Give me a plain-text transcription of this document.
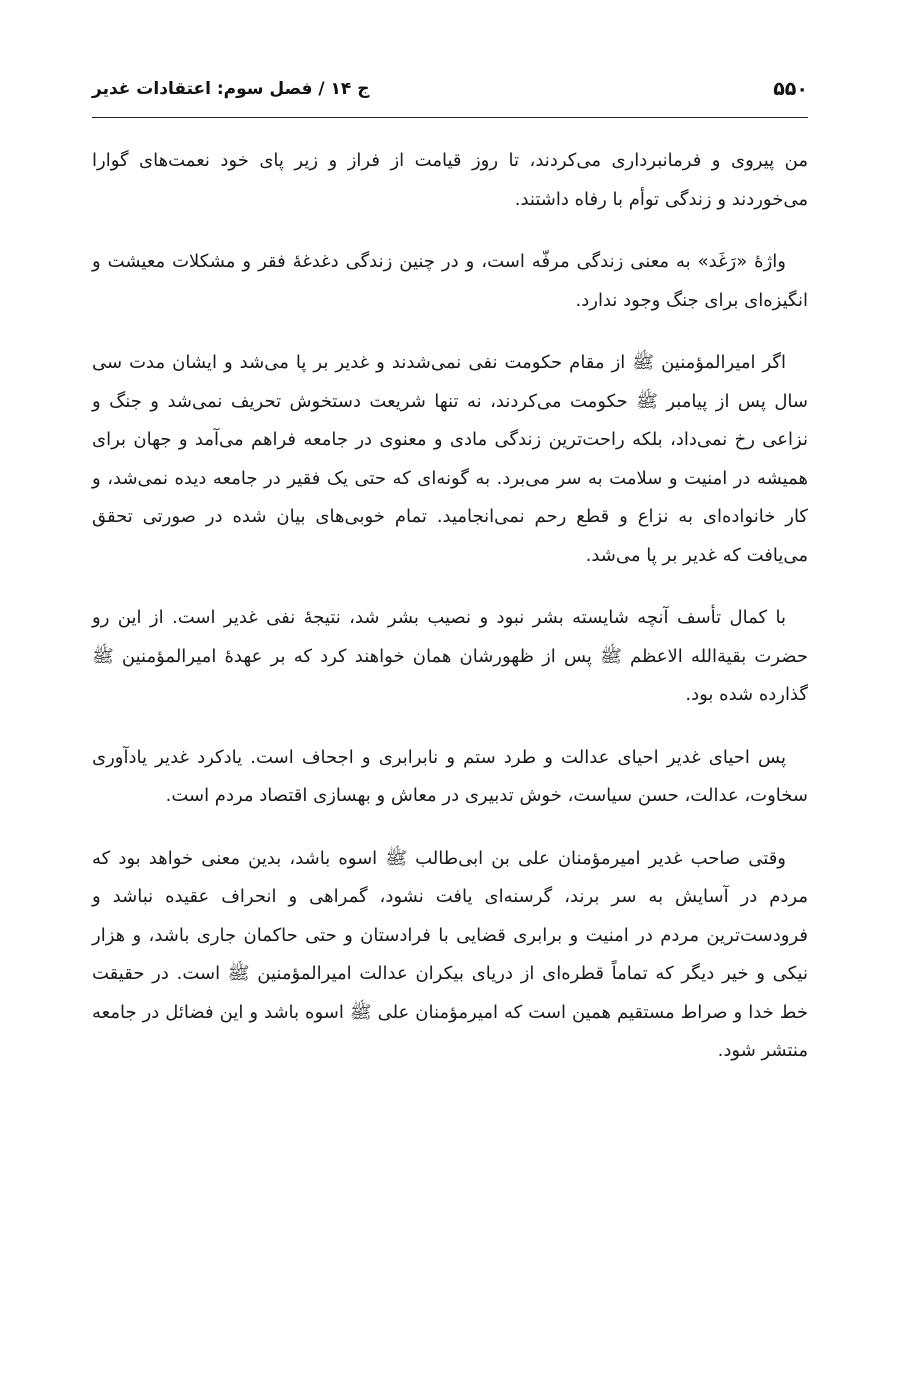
۵۵۰
ج ۱۴ / فصل سوم: اعتقادات غدیر

من پیروی و فرمانبرداری می‌کردند، تا روز قیامت از فراز و زیر پای خود نعمت‌های گوارا می‌خوردند و زندگی توأم با رفاه داشتند.

واژهٔ «رَغَد» به معنی زندگی مرفّه است، و در چنین زندگی دغدغهٔ فقر و مشکلات معیشت و انگیزه‌ای برای جنگ وجود ندارد.

اگر امیرالمؤمنین ﷺ از مقام حکومت نفی نمی‌شدند و غدیر بر پا می‌شد و ایشان مدت سی سال پس از پیامبر ﷺ حکومت می‌کردند، نه تنها شریعت دستخوش تحریف نمی‌شد و جنگ و نزاعی رخ نمی‌داد، بلکه راحت‌ترین زندگی مادی و معنوی در جامعه فراهم می‌آمد و جهان برای همیشه در امنیت و سلامت به سر می‌برد. به گونه‌ای که حتی یک فقیر در جامعه دیده نمی‌شد، و کار خانواده‌ای به نزاع و قطع رحم نمی‌انجامید. تمام خوبی‌های بیان شده در صورتی تحقق می‌یافت که غدیر بر پا می‌شد.

با کمال تأسف آنچه شایسته بشر نبود و نصیب بشر شد، نتیجهٔ نفی غدیر است. از این رو حضرت بقیةالله الاعظم ﷺ پس از ظهورشان همان خواهند کرد که بر عهدهٔ امیرالمؤمنین ﷺ گذارده شده بود.

پس احیای غدیر احیای عدالت و طرد ستم و نابرابری و اجحاف است. یادکرد غدیر یادآوری سخاوت، عدالت، حسن سیاست، خوش تدبیری در معاش و بهسازی اقتصاد مردم است.

وقتی صاحب غدیر امیرمؤمنان علی بن ابی‌طالب ﷺ اسوه باشد، بدین معنی خواهد بود که مردم در آسایش به سر برند، گرسنه‌ای یافت نشود، گمراهی و انحراف عقیده نباشد و فرودست‌ترین مردم در امنیت و برابری قضایی با فرادستان و حتی حاکمان جاری باشد، و هزار نیکی و خیر دیگر که تماماً قطره‌ای از دریای بیکران عدالت امیرالمؤمنین ﷺ است. در حقیقت خط خدا و صراط مستقیم همین است که امیرمؤمنان علی ﷺ اسوه باشد و این فضائل در جامعه منتشر شود.
